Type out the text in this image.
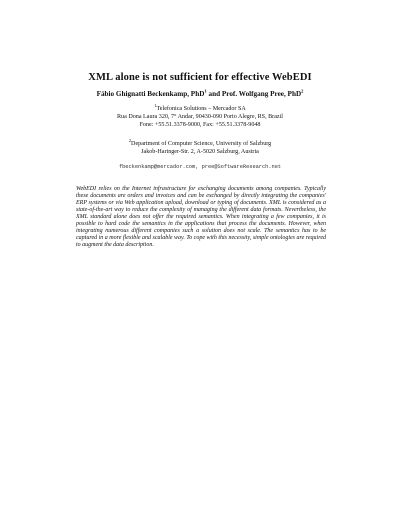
XML alone is not sufficient for effective WebEDI
Fábio Ghignatti Beckenkamp, PhD$^1$ and Prof. Wolfgang Pree, PhD$^2$
$^1$Telefonica Solutions – Mercador SA
Rua Dona Laura 320, 7° Andar, 90430-090 Porto Alegre, RS, Brazil
Fone: +55.51.3378-9000, Fax: +55.51.3378-9048
$^2$Department of Computer Science, University of Salzburg
Jakob-Haringer-Str. 2, A-5020 Salzburg, Austria
fbeckenkamp@mercador.com, pree@SoftwareResearch.net
WebEDI relies on the Internet infrastructure for exchanging documents among companies. Typically these documents are orders and invoices and can be exchanged by directly integrating the companies' ERP systems or via Web application upload, download or typing of documents. XML is considered as a state-of-the-art way to reduce the complexity of managing the different data formats. Nevertheless, the XML standard alone does not offer the required semantics. When integrating a few companies, it is possible to hard code the semantics in the applications that process the documents. However, when integrating numerous different companies such a solution does not scale. The semantics has to be captured in a more flexible and scalable way. To cope with this necessity, simple ontologies are required to augment the data description.
